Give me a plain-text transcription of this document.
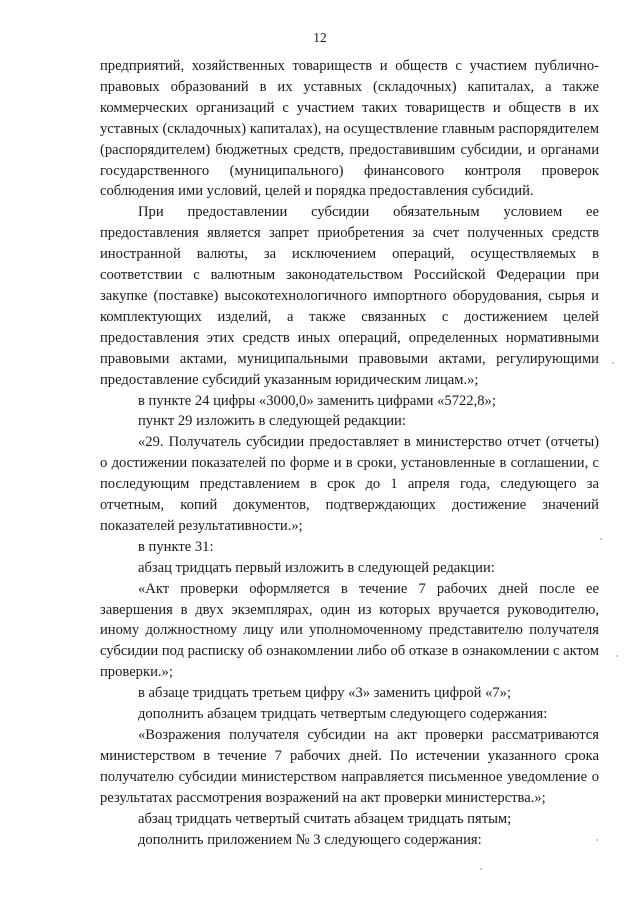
12

предприятий, хозяйственных товариществ и обществ с участием публично-правовых образований в их уставных (складочных) капиталах, а также коммерческих организаций с участием таких товариществ и обществ в их уставных (складочных) капиталах), на осуществление главным распорядителем (распорядителем) бюджетных средств, предоставившим субсидии, и органами государственного (муниципального) финансового контроля проверок соблюдения ими условий, целей и порядка предоставления субсидий.

При предоставлении субсидии обязательным условием ее предоставления является запрет приобретения за счет полученных средств иностранной валюты, за исключением операций, осуществляемых в соответствии с валютным законодательством Российской Федерации при закупке (поставке) высокотехнологичного импортного оборудования, сырья и комплектующих изделий, а также связанных с достижением целей предоставления этих средств иных операций, определенных нормативными правовыми актами, муниципальными правовыми актами, регулирующими предоставление субсидий указанным юридическим лицам.»;

в пункте 24 цифры «3000,0» заменить цифрами «5722,8»;

пункт 29 изложить в следующей редакции:

«29. Получатель субсидии предоставляет в министерство отчет (отчеты) о достижении показателей по форме и в сроки, установленные в соглашении, с последующим представлением в срок до 1 апреля года, следующего за отчетным, копий документов, подтверждающих достижение значений показателей результативности.»;

в пункте 31:

абзац тридцать первый изложить в следующей редакции:

«Акт проверки оформляется в течение 7 рабочих дней после ее завершения в двух экземплярах, один из которых вручается руководителю, иному должностному лицу или уполномоченному представителю получателя субсидии под расписку об ознакомлении либо об отказе в ознакомлении с актом проверки.»;

в абзаце тридцать третьем цифру «3» заменить цифрой «7»;

дополнить абзацем тридцать четвертым следующего содержания:

«Возражения получателя субсидии на акт проверки рассматриваются министерством в течение 7 рабочих дней. По истечении указанного срока получателю субсидии министерством направляется письменное уведомление о результатах рассмотрения возражений на акт проверки министерства.»;

абзац тридцать четвертый считать абзацем тридцать пятым;

дополнить приложением № 3 следующего содержания:
